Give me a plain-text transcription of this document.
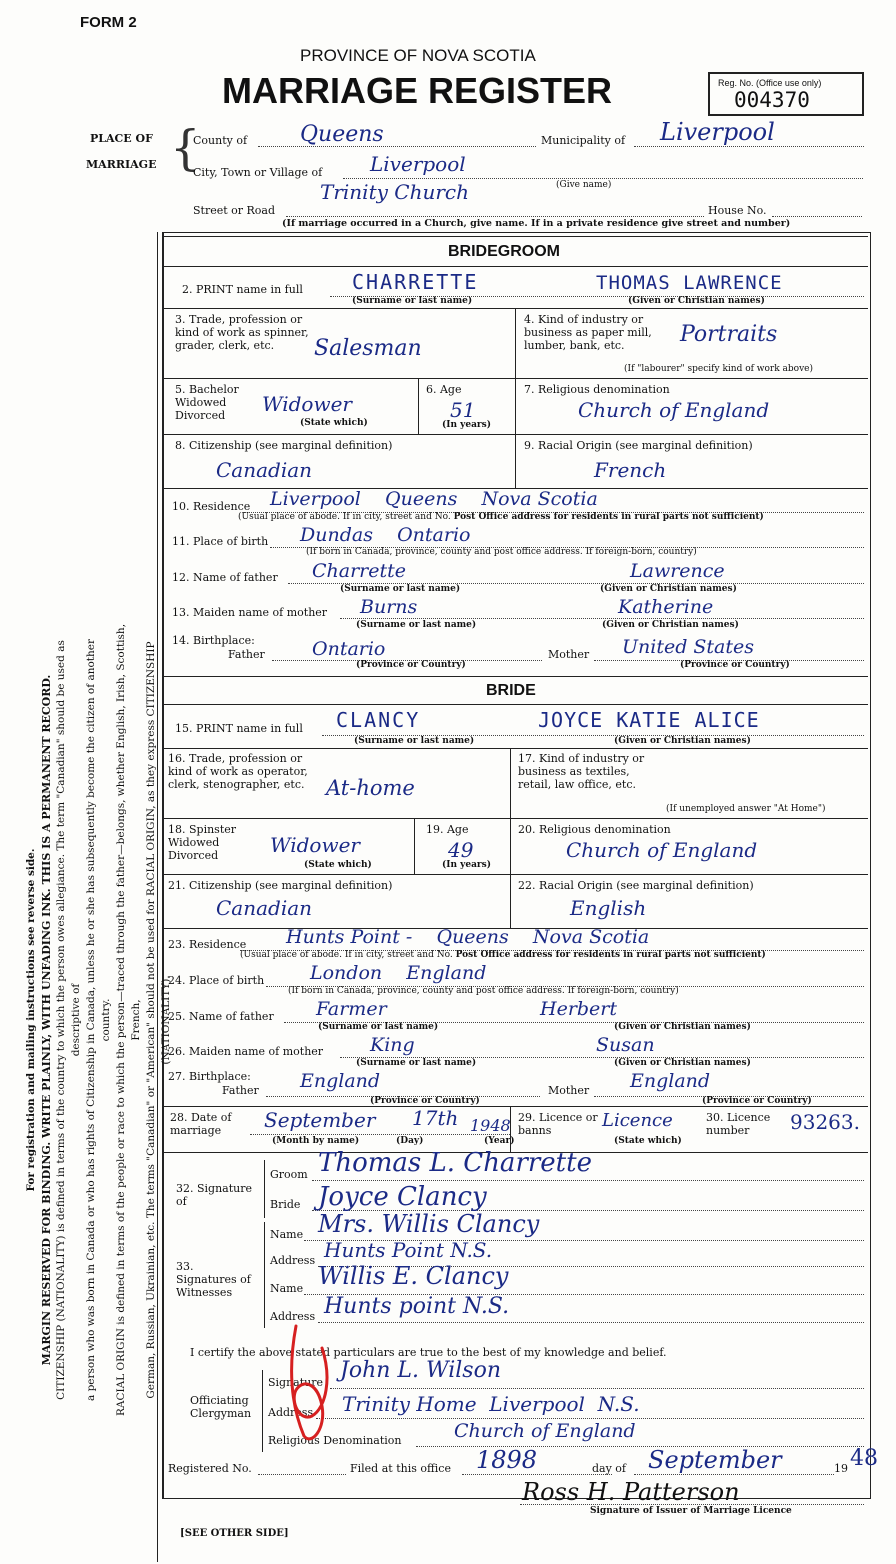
FORM 2
PROVINCE OF NOVA SCOTIA
MARRIAGE REGISTER	Reg. No. (Office use only)
004370
PLACE OF
MARRIAGE {
County of Queens	Municipality of Liverpool
City, Town or Village of Liverpool
(Give name)
Trinity Church
Street or Road	House No.
(If marriage occurred in a Church, give name. If in a private residence give street and number)
BRIDEGROOM
2. PRINT name in full CHARRETTE	THOMAS LAWRENCE
(Surname or last name)	(Given or Christian names)
3. Trade, profession or kind of work as spinner, grader, clerk, etc.	Salesman
4. Kind of industry or business as paper mill, lumber, bank, etc.	Portraits
(If "labourer" specify kind of work above)
5. Bachelor Widowed Divorced	Widower
(State which)
6. Age
51
(In years)
7. Religious denomination
Church of England
8. Citizenship (see marginal definition)
Canadian
9. Racial Origin (see marginal definition)
French
10. Residence Liverpool    Queens    Nova Scotia
(Usual place of abode. If in city, street and No. Post Office address for residents in rural parts not sufficient)
11. Place of birth Dundas    Ontario
(If born in Canada, province, county and post office address. If foreign-born, country)
12. Name of father Charrette	Lawrence
(Surname or last name)	(Given or Christian names)
13. Maiden name of mother Burns	Katherine
(Surname or last name)	(Given or Christian names)
14. Birthplace:
Father Ontario	Mother United States
(Province or Country)	(Province or Country)
BRIDE
15. PRINT name in full CLANCY	JOYCE KATIE ALICE
(Surname or last name)	(Given or Christian names)
16. Trade, profession or kind of work as operator, clerk, stenographer, etc. At-home
17. Kind of industry or business as textiles, retail, law office, etc.
(If unemployed answer "At Home")
18. Spinster Widowed Divorced	Widower
(State which)
19. Age
49
(In years)
20. Religious denomination
Church of England
21. Citizenship (see marginal definition)
Canadian
22. Racial Origin (see marginal definition)
English
23. Residence Hunts Point -    Queens    Nova Scotia
(Usual place of abode. If in city, street and No. Post Office address for residents in rural parts not sufficient)
24. Place of birth London    England
(If born in Canada, province, county and post office address. If foreign-born, country)
25. Name of father Farmer	Herbert
(Surname or last name)	(Given or Christian names)
26. Maiden name of mother King	Susan
(Surname or last name)	(Given or Christian names)
27. Birthplace:
Father England	Mother England
(Province or Country)	(Province or Country)
28. Date of marriage	September 17th 1948
(Month by name)	(Day)	(Year)
29. Licence or banns	Licence
(State which)
30. Licence number	93263.
32. Signature of
Groom Thomas L. Charrette
Bride Joyce Clancy
33. Signatures of Witnesses
Name Mrs. Willis Clancy
Address Hunts Point N.S.
Name Willis E. Clancy
Address Hunts point N.S.
I certify the above stated particulars are true to the best of my knowledge and belief.
Officiating Clergyman
Signature John L. Wilson
Address Trinity Home  Liverpool  N.S.
Religious Denomination	Church of England
Registered No.	Filed at this office 1898	day of September	19 48
Ross H. Patterson
Signature of Issuer of Marriage Licence
[SEE OTHER SIDE]
For registration and mailing instructions see reverse side. MARGIN RESERVED FOR BINDING. WRITE PLAINLY, WITH UNFADING INK. THIS IS A PERMANENT RECORD. CITIZENSHIP (NATIONALITY) is defined in terms of the country to which the person owes allegiance. The term "Canadian" should be used as descriptive of a person who was born in Canada or who has rights of Citizenship in Canada, unless he or she has subsequently become the citizen of another country. RACIAL ORIGIN is defined in terms of the people or race to which the person—traced through the father—belongs, whether English, Irish, Scottish, French, German, Russian, Ukrainian, etc. The terms "Canadian" or "American" should not be used for RACIAL ORIGIN, as they express CITIZENSHIP (NATIONALITY).
